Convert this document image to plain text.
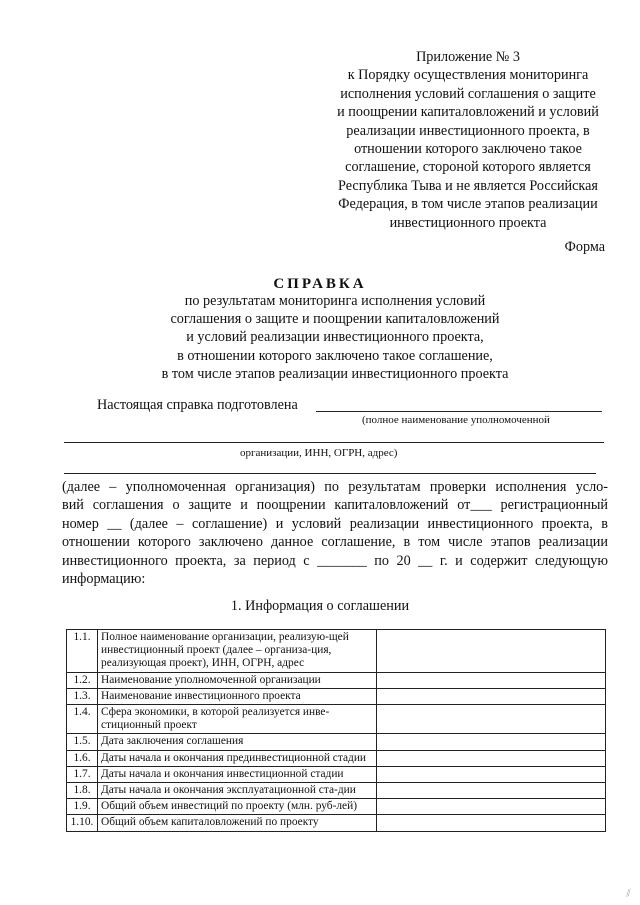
Приложение № 3
к Порядку осуществления мониторинга
исполнения условий соглашения о защите
и поощрении капиталовложений и условий
реализации инвестиционного проекта, в
отношении которого заключено такое
соглашение, стороной которого является
Республика Тыва и не является Российская
Федерация, в том числе этапов реализации
инвестиционного проекта
Форма
СПРАВКА
по результатам мониторинга исполнения условий
соглашения о защите и поощрении капиталовложений
и условий реализации инвестиционного проекта,
в отношении которого заключено такое соглашение,
в том числе этапов реализации инвестиционного проекта
Настоящая справка подготовлена
(полное наименование уполномоченной
организации, ИНН, ОГРН, адрес)
(далее – уполномоченная организация) по результатам проверки исполнения усло-
вий соглашения о защите и поощрении капиталовложений от___ регистрационный
номер __ (далее – соглашение) и условий реализации инвестиционного проекта, в
отношении которого заключено данное соглашение, в том числе этапов реализации
инвестиционного проекта, за период с _______ по 20 __ г. и содержит следующую
информацию:
1. Информация о соглашении
1.1.	Полное наименование организации, реализую-щей инвестиционный проект (далее – организа-ция, реализующая проект), ИНН, ОГРН, адрес	
1.2.	Наименование уполномоченной организации	
1.3.	Наименование инвестиционного проекта	
1.4.	Сфера экономики, в которой реализуется инве-стиционный проект	
1.5.	Дата заключения соглашения	
1.6.	Даты начала и окончания прединвестиционной стадии	
1.7.	Даты начала и окончания инвестиционной стадии	
1.8.	Даты начала и окончания эксплуатационной ста-дии	
1.9.	Общий объем инвестиций по проекту (млн. руб-лей)	
1.10.	Общий объем капиталовложений по проекту	
⁄⁄
